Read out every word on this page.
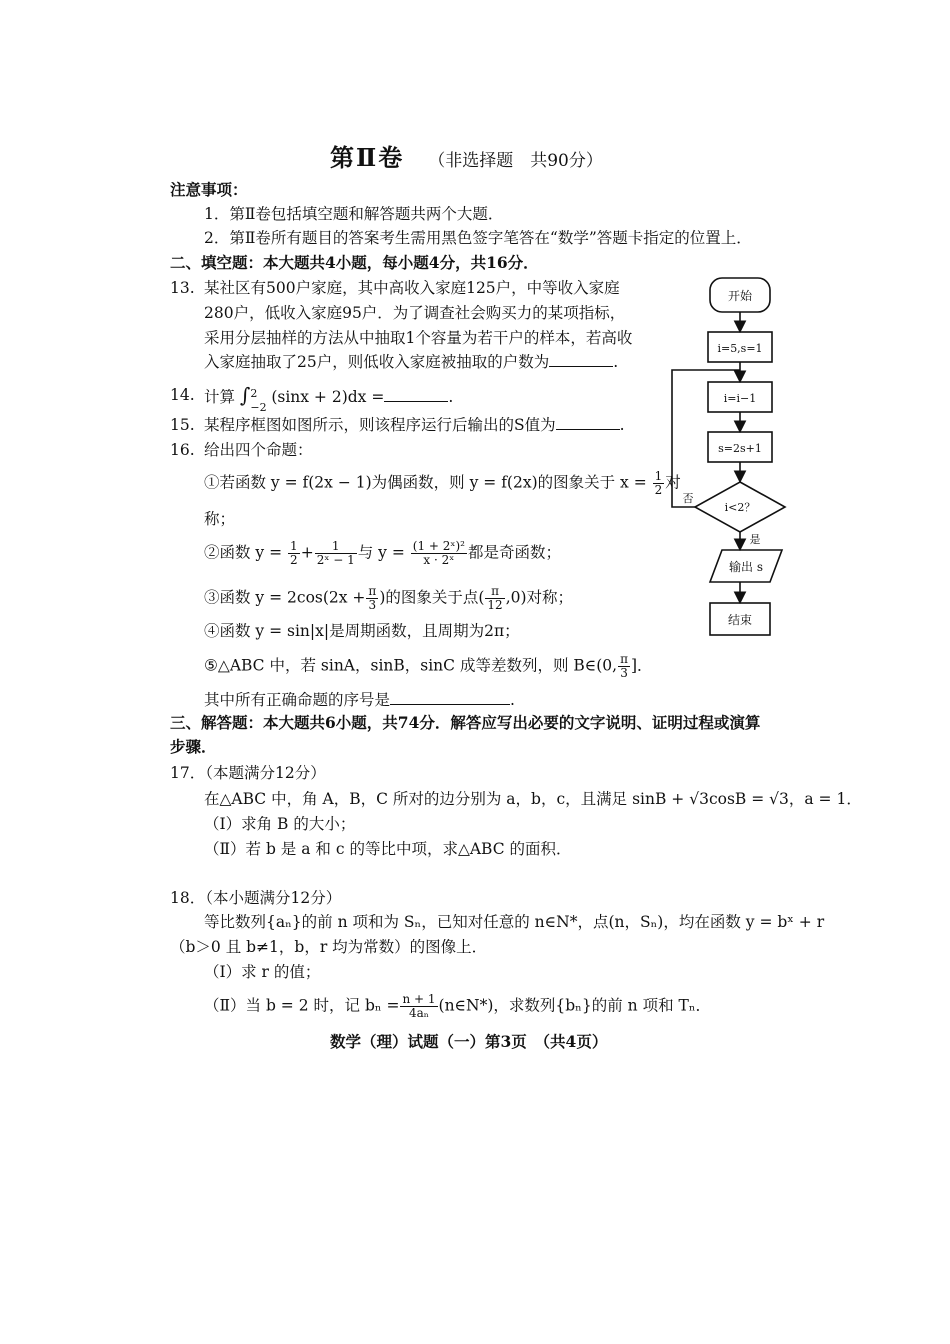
第Ⅱ卷 （非选择题　共90分）
注意事项：
1．第Ⅱ卷包括填空题和解答题共两个大题．
2．第Ⅱ卷所有题目的答案考生需用黑色签字笔答在“数学”答题卡指定的位置上．
二、填空题：本大题共4小题，每小题4分，共16分．
13. 某社区有500户家庭，其中高收入家庭125户，中等收入家庭
280户，低收入家庭95户．为了调查社会购买力的某项指标，
采用分层抽样的方法从中抽取1个容量为若干户的样本，若高收
入家庭抽取了25户，则低收入家庭被抽取的户数为	.
14. 计算 ∫ 2
−2
(sinx + 2)dx =	.
15. 某程序框图如图所示，则该程序运行后输出的S值为	.
16. 给出四个命题：
①若函数 y = f(2x − 1)为偶函数，则 y = f(2x)的图象关于 $x = \frac{1}{2}$ 对
称；
②函数 $y = \frac{1}{2} + \frac{1}{\text{2ˣ − 1}}$ 与 $y = \frac{\text{(1 + 2ˣ)²}}{\text{x · 2ˣ}}$ 都是奇函数；
③函数 $y = 2\cos(2x + \frac{\pi}{3}$ )的图象关于点( $\frac{\pi}{12} ,0$)对称；
④函数 y = sin|x|是周期函数，且周期为2π；
⑤△ABC 中，若 sinA，sinB，sinC 成等差数列，则 B∈(0, $\frac{\pi}{3}$ ]．
其中所有正确命题的序号是	.
三、解答题：本大题共6小题，共74分．解答应写出必要的文字说明、证明过程或演算
步骤．
17．（本题满分12分）
在△ABC 中，角 A，B，C 所对的边分别为 a，b，c，且满足 sinB + √3cosB = √3，a = 1．
（Ⅰ）求角 B 的大小；
（Ⅱ）若 b 是 a 和 c 的等比中项，求△ABC 的面积．
18．（本小题满分12分）
等比数列{aₙ}的前 n 项和为 Sₙ，已知对任意的 n∈N*，点(n，Sₙ)，均在函数 y = bˣ + r
（b＞0 且 b≠1，b，r 均为常数）的图像上．
（Ⅰ）求 r 的值；
（Ⅱ）当 b = 2 时，记 $b_n = \frac{n + 1}{\text{4aₙ}}$ (n∈N*)，求数列{bₙ}的前 n 项和 Tₙ．
数学（理）试题（一）第3页　（共4页）
开始
i=5,s=1
i=i−1
s=2s+1
i<2？
否
是
输出 s
结束
